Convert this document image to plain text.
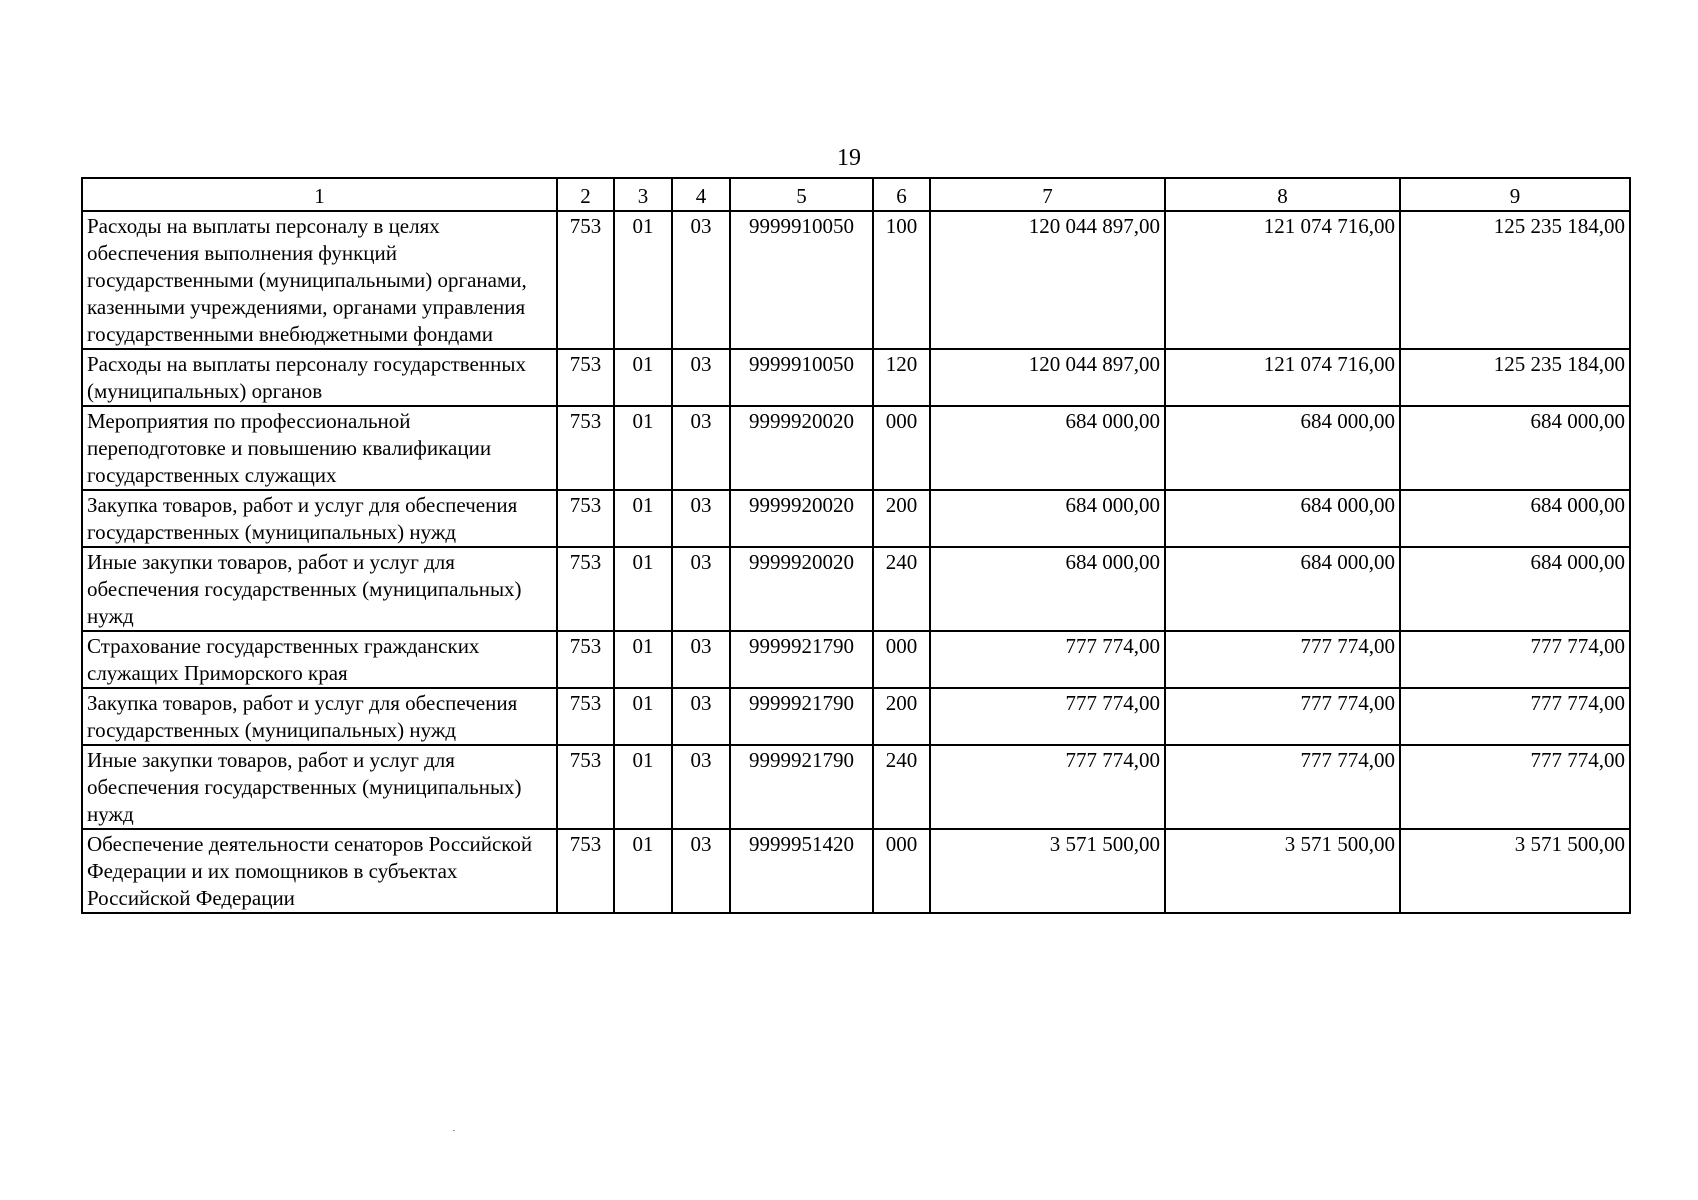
19
1	2	3	4	5	6	7	8	9
Расходы на выплаты персоналу в целях обеспечения выполнения функций государственными (муниципальными) органами, казенными учреждениями, органами управления государственными внебюджетными фондами	753	01	03	9999910050	100	120 044 897,00	121 074 716,00	125 235 184,00
Расходы на выплаты персоналу государственных (муниципальных) органов	753	01	03	9999910050	120	120 044 897,00	121 074 716,00	125 235 184,00
Мероприятия по профессиональной переподготовке и повышению квалификации государственных служащих	753	01	03	9999920020	000	684 000,00	684 000,00	684 000,00
Закупка товаров, работ и услуг для обеспечения государственных (муниципальных) нужд	753	01	03	9999920020	200	684 000,00	684 000,00	684 000,00
Иные закупки товаров, работ и услуг для обеспечения государственных (муниципальных) нужд	753	01	03	9999920020	240	684 000,00	684 000,00	684 000,00
Страхование государственных гражданских служащих Приморского края	753	01	03	9999921790	000	777 774,00	777 774,00	777 774,00
Закупка товаров, работ и услуг для обеспечения государственных (муниципальных) нужд	753	01	03	9999921790	200	777 774,00	777 774,00	777 774,00
Иные закупки товаров, работ и услуг для обеспечения государственных (муниципальных) нужд	753	01	03	9999921790	240	777 774,00	777 774,00	777 774,00
Обеспечение деятельности сенаторов Российской Федерации и их помощников в субъектах Российской Федерации	753	01	03	9999951420	000	3 571 500,00	3 571 500,00	3 571 500,00
